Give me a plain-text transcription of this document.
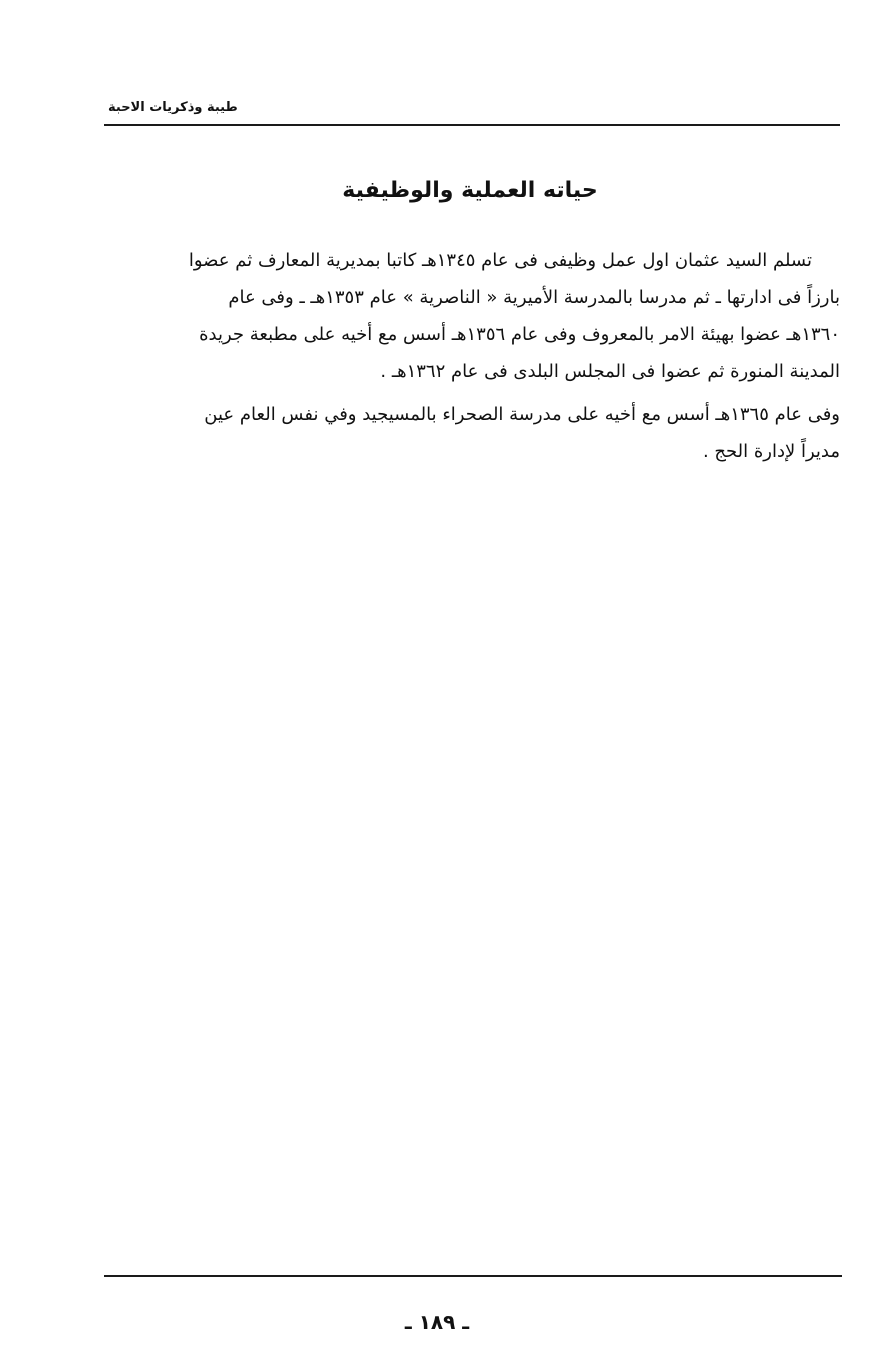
طيبة وذكريات الاحبة
حياته العملية والوظيفية

تسلم السيد عثمان اول عمل وظيفى فى عام ١٣٤٥هـ كاتبا بمديرية المعارف ثم عضوا
بارزاً فى ادارتها ـ ثم مدرسا بالمدرسة الأميرية « الناصرية » عام ١٣٥٣هـ ـ وفى عام
١٣٦٠هـ عضوا بهيئة الامر بالمعروف وفى عام ١٣٥٦هـ أسس مع أخيه على مطبعة جريدة
المدينة المنورة ثم عضوا فى المجلس البلدى فى عام ١٣٦٢هـ .

وفى عام ١٣٦٥هـ أسس مع أخيه على مدرسة الصحراء بالمسيجيد وفي نفس العام عين
مديراً لإدارة الحج .

ـ ١٨٩ ـ
